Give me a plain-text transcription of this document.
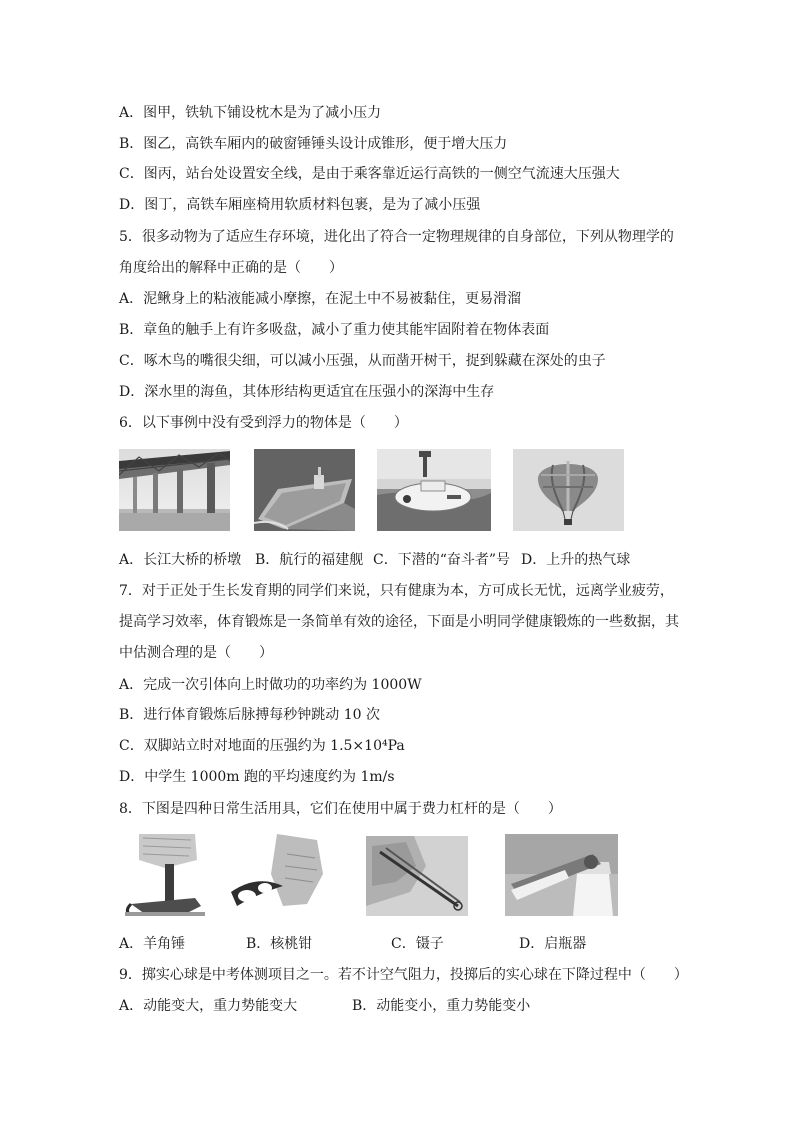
A．图甲，铁轨下铺设枕木是为了减小压力
B．图乙，高铁车厢内的破窗锤锤头设计成锥形，便于增大压力
C．图丙，站台处设置安全线，是由于乘客靠近运行高铁的一侧空气流速大压强大
D．图丁，高铁车厢座椅用软质材料包裹，是为了减小压强
5．很多动物为了适应生存环境，进化出了符合一定物理规律的自身部位，下列从物理学的
角度给出的解释中正确的是（　　）
A．泥鳅身上的粘液能减小摩擦，在泥土中不易被黏住，更易滑溜
B．章鱼的触手上有许多吸盘，减小了重力使其能牢固附着在物体表面
C．啄木鸟的嘴很尖细，可以减小压强，从而凿开树干，捉到躲藏在深处的虫子
D．深水里的海鱼，其体形结构更适宜在压强小的深海中生存
6．以下事例中没有受到浮力的物体是（　　）
A．长江大桥的桥墩 B．航行的福建舰 C．下潜的“奋斗者”号 D．上升的热气球
7．对于正处于生长发育期的同学们来说，只有健康为本，方可成长无忧，远离学业疲劳，
提高学习效率，体育锻炼是一条简单有效的途径，下面是小明同学健康锻炼的一些数据，其
中估测合理的是（　　）
A．完成一次引体向上时做功的功率约为 1000W
B．进行体育锻炼后脉搏每秒钟跳动 10 次
C．双脚站立时对地面的压强约为 1.5×10⁴Pa
D．中学生 1000m 跑的平均速度约为 1m/s
8．下图是四种日常生活用具，它们在使用中属于费力杠杆的是（　　）
A．羊角锤	B．核桃钳	C．镊子	D．启瓶器
9．掷实心球是中考体测项目之一。若不计空气阻力，投掷后的实心球在下降过程中（　　）
A．动能变大，重力势能变大	B．动能变小，重力势能变小
